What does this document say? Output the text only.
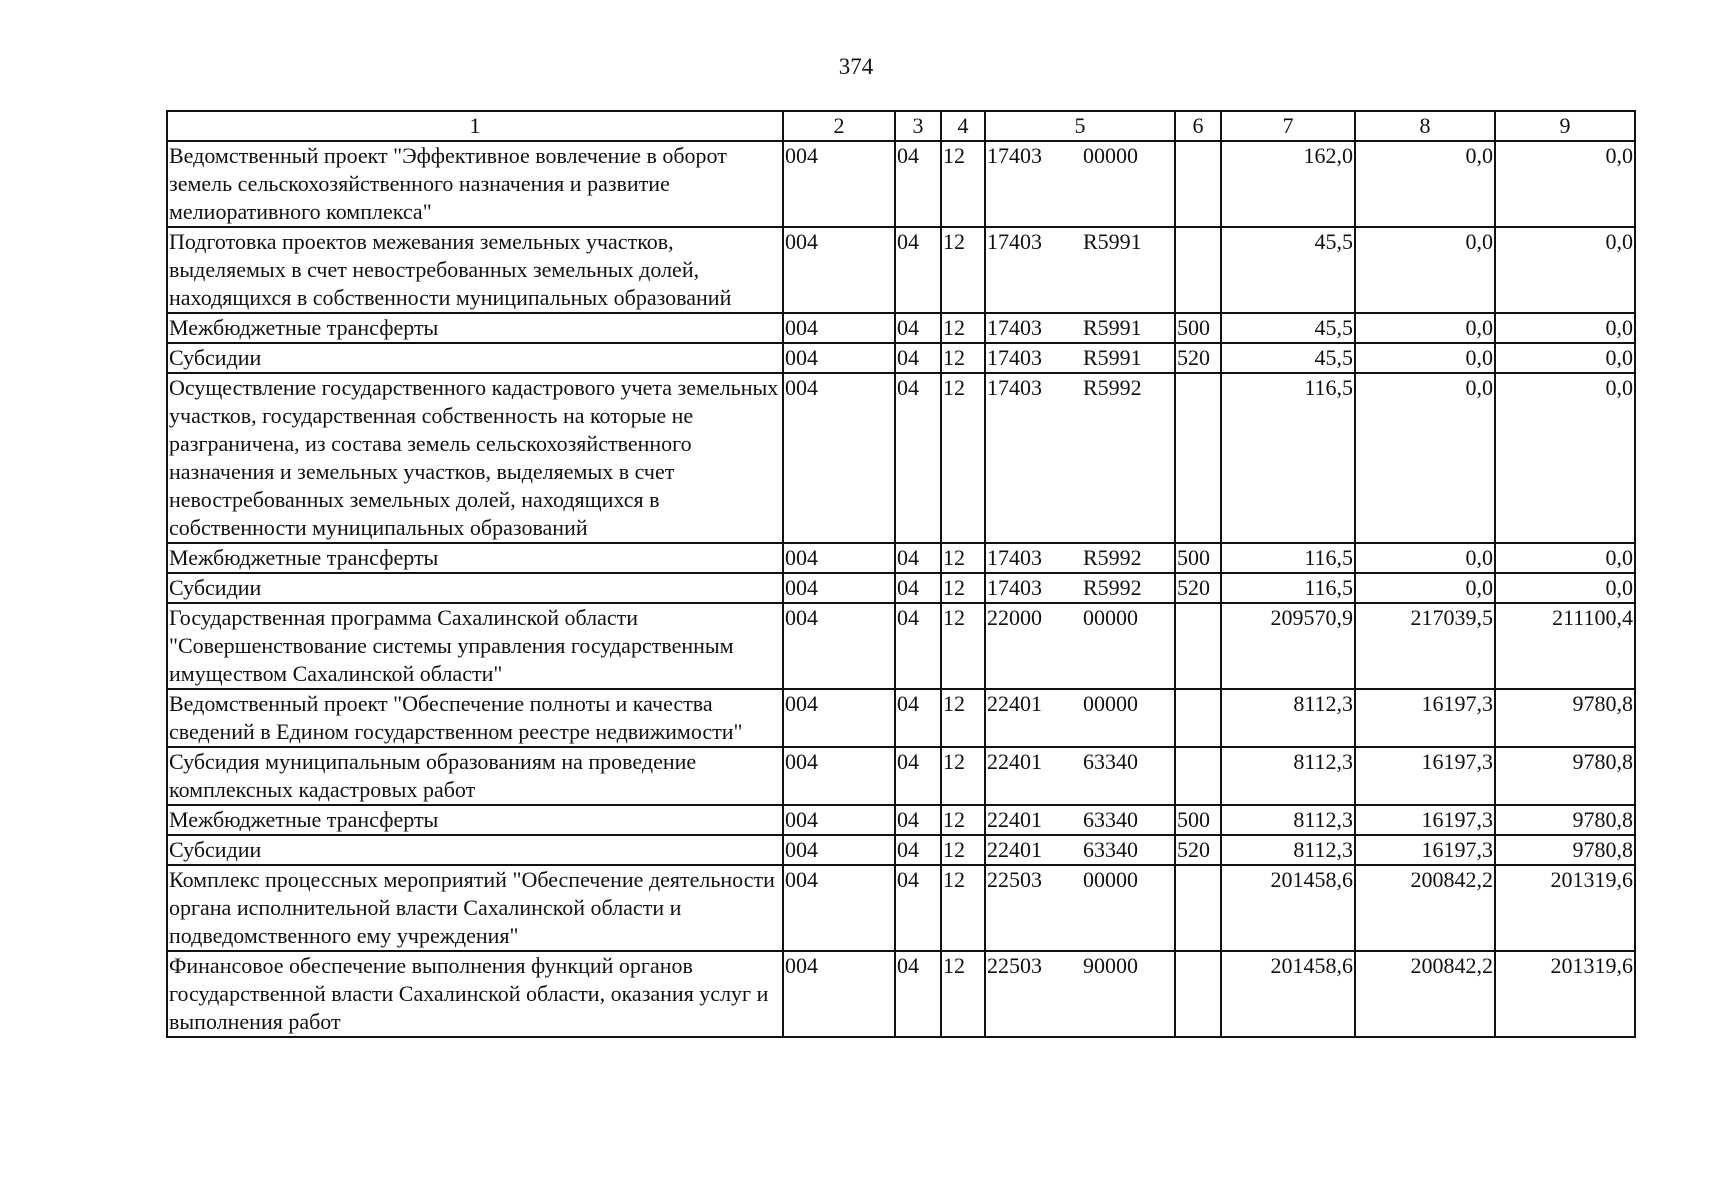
374
1	2	3	4	5	6	7	8	9
Ведомственный проект "Эффективное вовлечение в оборот земель сельскохозяйственного назначения и развитие мелиоративного комплекса"	004	04	12	17403 00000		162,0	0,0	0,0
Подготовка проектов межевания земельных участков, выделяемых в счет невостребованных земельных долей, находящихся в собственности муниципальных образований	004	04	12	17403 R5991		45,5	0,0	0,0
Межбюджетные трансферты	004	04	12	17403 R5991	500	45,5	0,0	0,0
Субсидии	004	04	12	17403 R5991	520	45,5	0,0	0,0
Осуществление государственного кадастрового учета земельных участков, государственная собственность на которые не разграничена, из состава земель сельскохозяйственного назначения и земельных участков, выделяемых в счет невостребованных земельных долей, находящихся в собственности муниципальных образований	004	04	12	17403 R5992		116,5	0,0	0,0
Межбюджетные трансферты	004	04	12	17403 R5992	500	116,5	0,0	0,0
Субсидии	004	04	12	17403 R5992	520	116,5	0,0	0,0
Государственная программа Сахалинской области "Совершенствование системы управления государственным имуществом Сахалинской области"	004	04	12	22000 00000		209570,9	217039,5	211100,4
Ведомственный проект "Обеспечение полноты и качества сведений в Едином государственном реестре недвижимости"	004	04	12	22401 00000		8112,3	16197,3	9780,8
Субсидия муниципальным образованиям на проведение комплексных кадастровых работ	004	04	12	22401 63340		8112,3	16197,3	9780,8
Межбюджетные трансферты	004	04	12	22401 63340	500	8112,3	16197,3	9780,8
Субсидии	004	04	12	22401 63340	520	8112,3	16197,3	9780,8
Комплекс процессных мероприятий "Обеспечение деятельности органа исполнительной власти Сахалинской области и подведомственного ему учреждения"	004	04	12	22503 00000		201458,6	200842,2	201319,6
Финансовое обеспечение выполнения функций органов государственной власти Сахалинской области, оказания услуг и выполнения работ	004	04	12	22503 90000		201458,6	200842,2	201319,6
